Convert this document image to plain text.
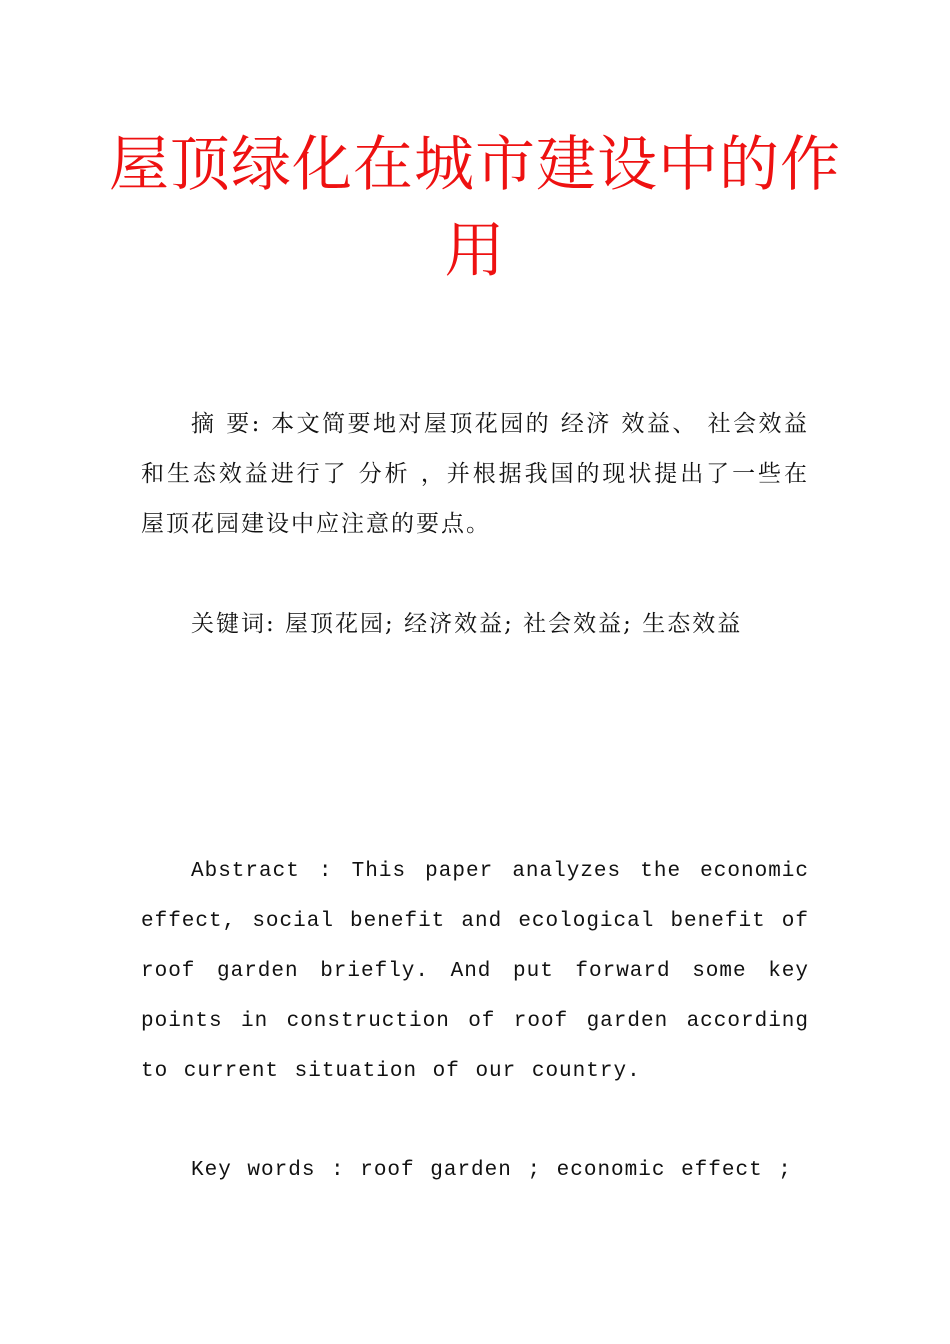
屋顶绿化在城市建设中的作用

摘 要: 本文简要地对屋顶花园的 经济 效益、 社会效益和生态效益进行了 分析 ，并根据我国的现状提出了一些在屋顶花园建设中应注意的要点。

关键词: 屋顶花园; 经济效益; 社会效益; 生态效益

Abstract : This paper analyzes the economic effect, social benefit and ecological benefit of roof garden briefly. And put forward some key points in construction of roof garden according to current situation of our country.

Key words : roof garden ; economic effect ;
